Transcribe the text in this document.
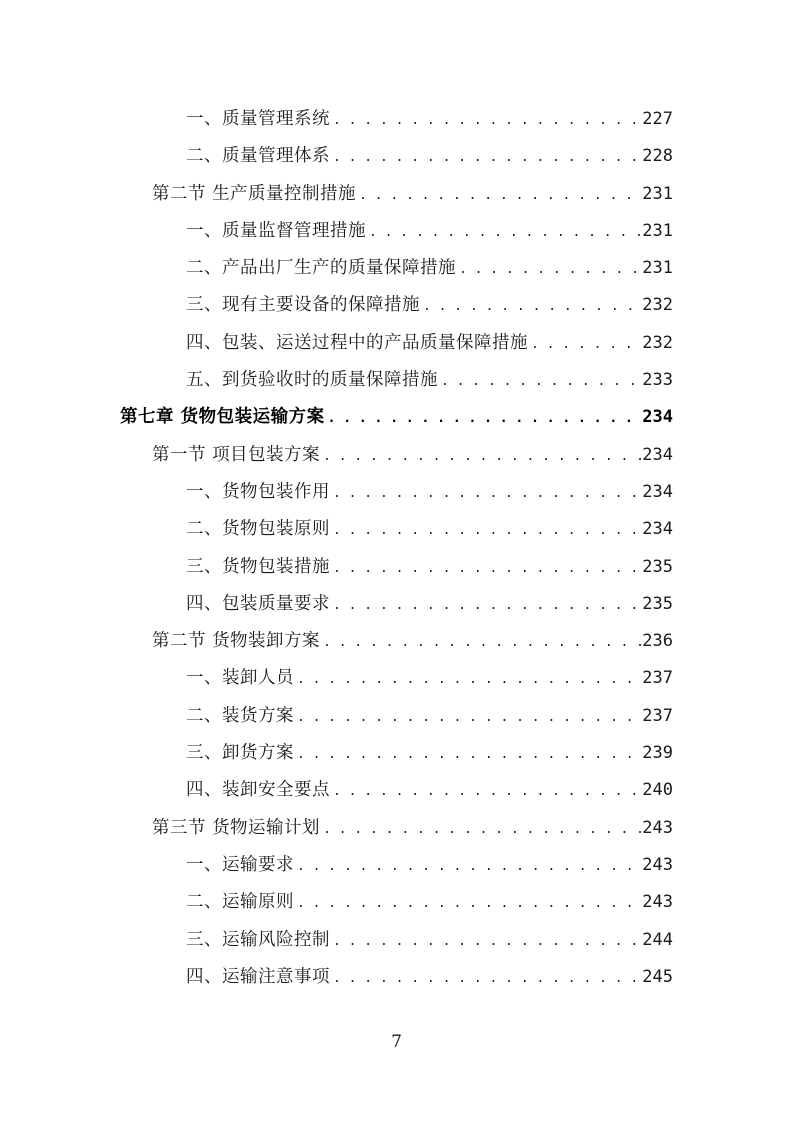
一、质量管理系统 . . .	227
二、质量管理体系 . . .	228
第二节 生产质量控制措施 . . .	231
一、质量监督管理措施 . . .	231
二、产品出厂生产的质量保障措施 . . .	231
三、现有主要设备的保障措施 . . .	232
四、包装、运送过程中的产品质量保障措施 . . .	232
五、到货验收时的质量保障措施 . . .	233
第七章 货物包装运输方案 . . .	234
第一节 项目包装方案 . . .	234
一、货物包装作用 . . .	234
二、货物包装原则 . . .	234
三、货物包装措施 . . .	235
四、包装质量要求 . . .	235
第二节 货物装卸方案 . . .	236
一、装卸人员 . . .	237
二、装货方案 . . .	237
三、卸货方案 . . .	239
四、装卸安全要点 . . .	240
第三节 货物运输计划 . . .	243
一、运输要求 . . .	243
二、运输原则 . . .	243
三、运输风险控制 . . .	244
四、运输注意事项 . . .	245
7
